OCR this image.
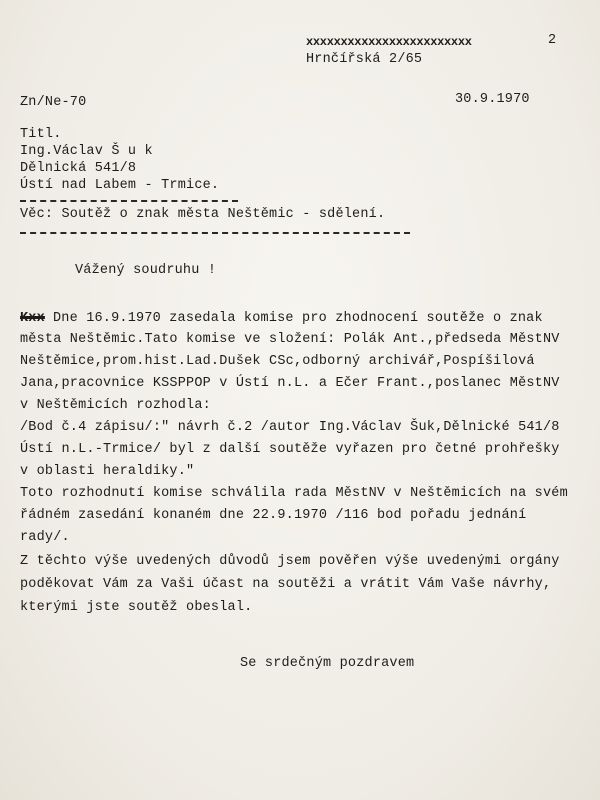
xxxxxxxxxxxxxxxxxxxxxxxx	2
Hrnčířská 2/65
Zn/Ne-70	30.9.1970
Titl.
Ing.Václav Š u k
Dělnická 541/8
Ústí nad Labem - Trmice.
Věc: Soutěž o znak města Neštěmic - sdělení.
Vážený soudruhu !
Kxx Dne 16.9.1970 zasedala komise pro zhodnocení soutěže o znak
města Neštěmic.Tato komise ve složení: Polák Ant.,předseda MěstNV
Neštěmice,prom.hist.Lad.Dušek CSc,odborný archivář,Pospíšilová
Jana,pracovnice KSSPPOP v Ústí n.L. a Ečer Frant.,poslanec MěstNV
v Neštěmicích rozhodla:
/Bod č.4 zápisu/:" návrh č.2 /autor Ing.Václav Šuk,Dělnické 541/8
Ústí n.L.-Trmice/ byl z další soutěže vyřazen pro četné prohřešky
v oblasti heraldiky."
Toto rozhodnutí komise schválila rada MěstNV v Neštěmicích na svém
řádném zasedání konaném dne 22.9.1970 /116 bod pořadu jednání
rady/.
Z těchto výše uvedených důvodů jsem pověřen výše uvedenými orgány
poděkovat Vám za Vaši účast na soutěži a vrátit Vám Vaše návrhy,
kterými jste soutěž obeslal.
Se srdečným pozdravem
